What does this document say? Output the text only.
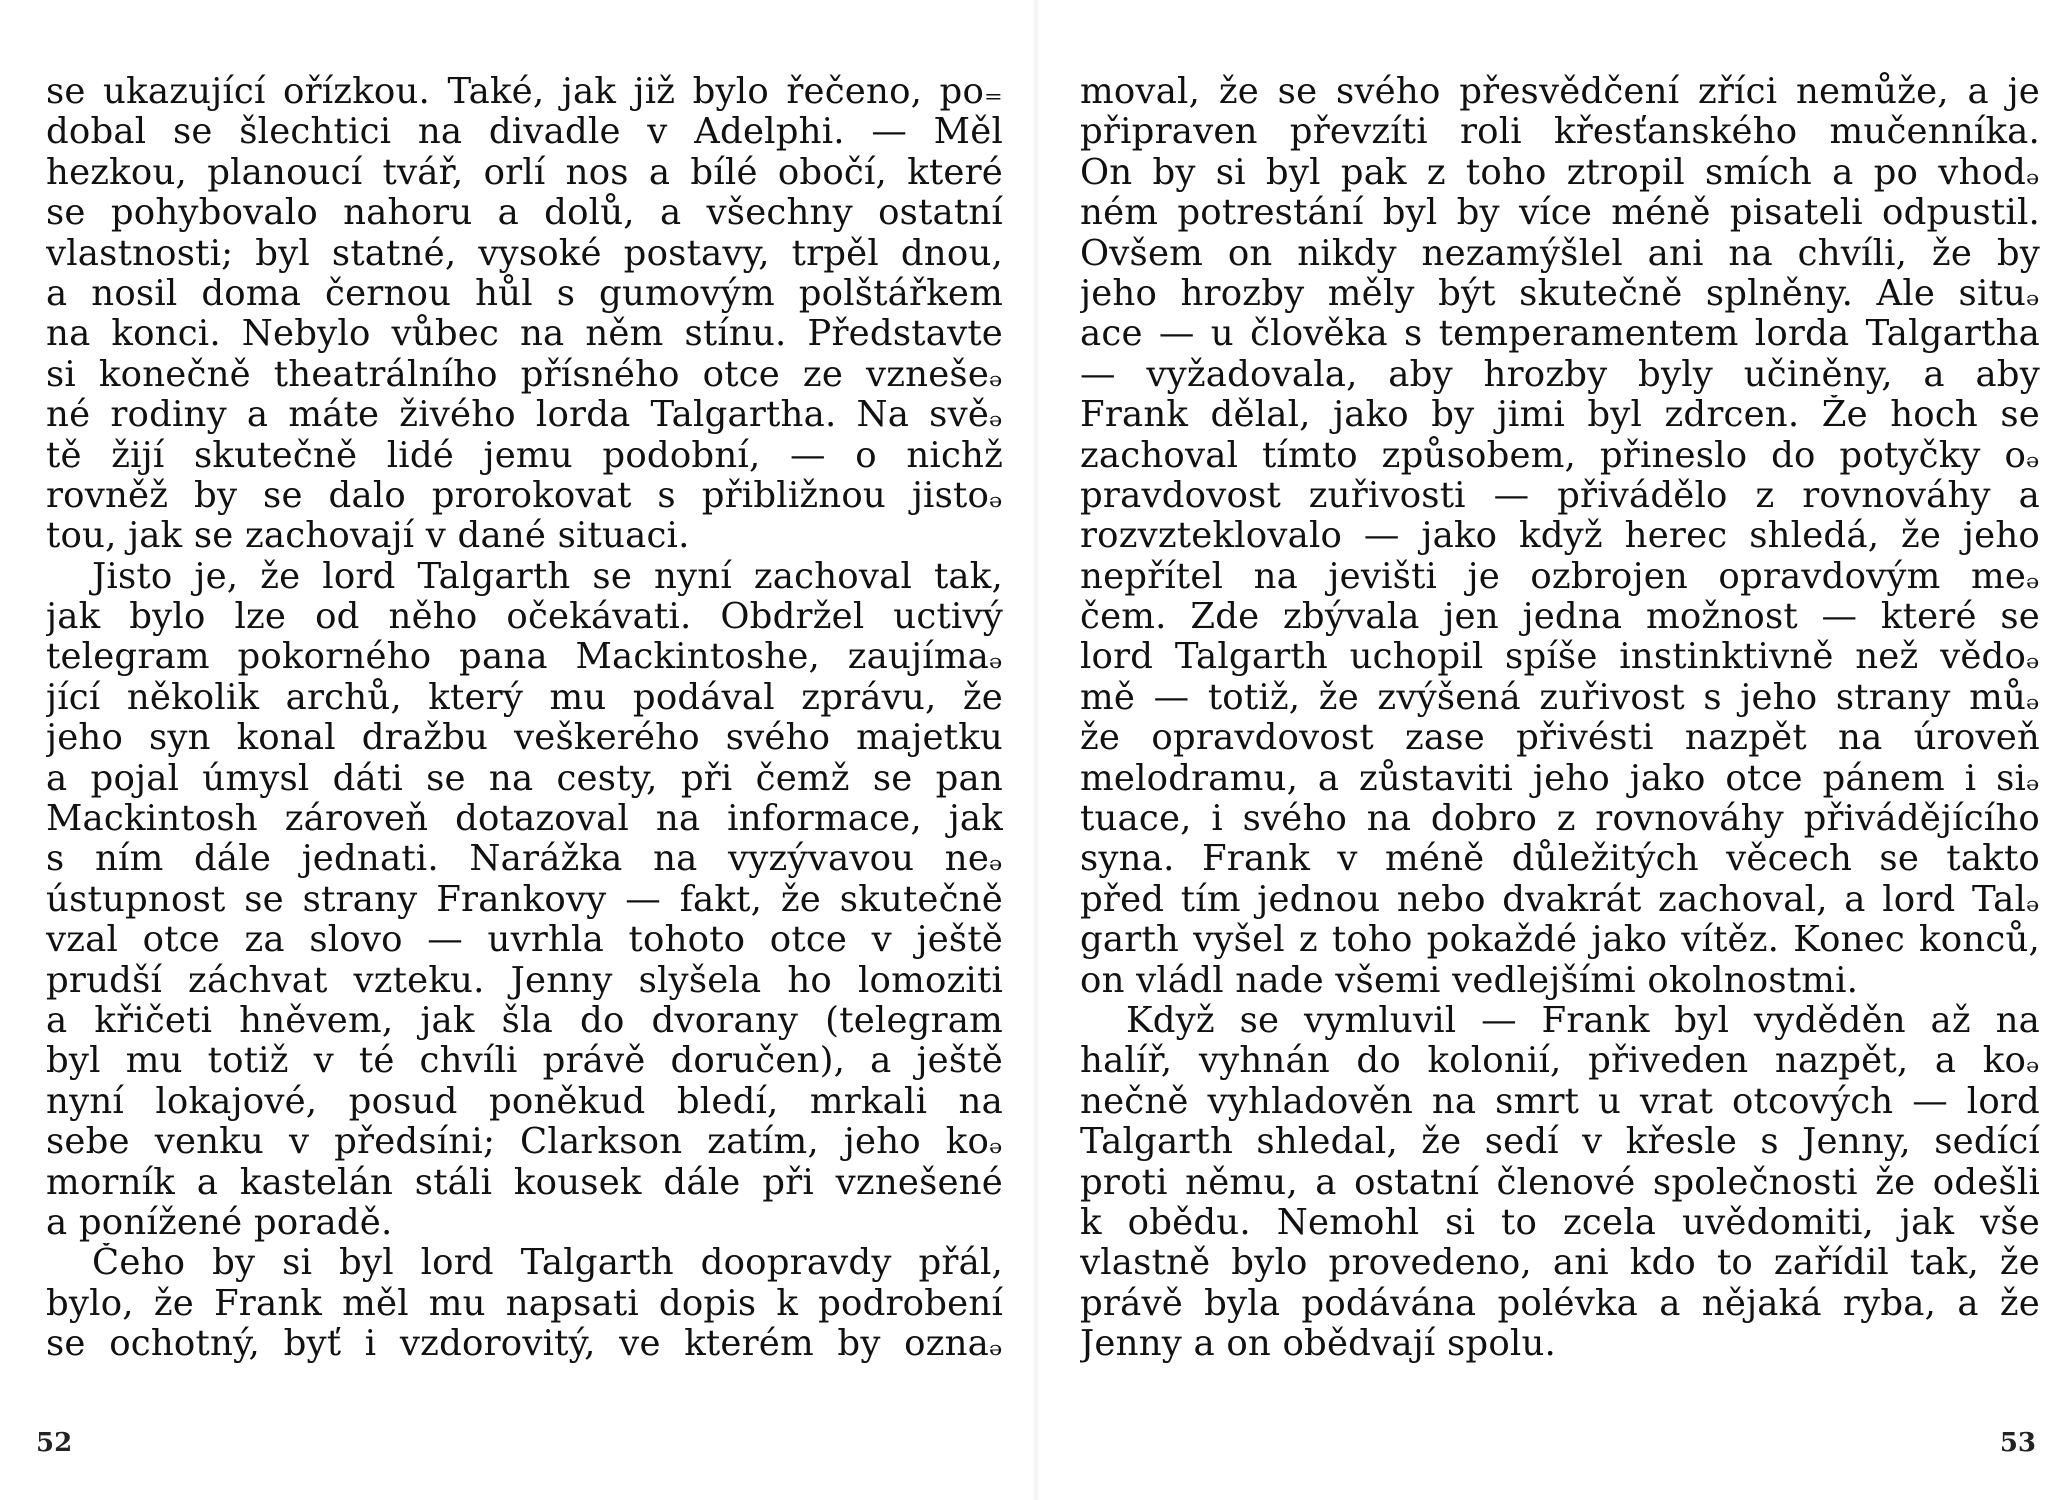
se ukazující ořízkou. Také, jak již bylo řečeno, po₌
dobal se šlechtici na divadle v Adelphi. — Měl
hezkou, planoucí tvář, orlí nos a bílé obočí, které
se pohybovalo nahoru a dolů, a všechny ostatní
vlastnosti; byl statné, vysoké postavy, trpěl dnou,
a nosil doma černou hůl s gumovým polštářkem
na konci. Nebylo vůbec na něm stínu. Představte
si konečně theatrálního přísného otce ze vznešeₔ
né rodiny a máte živého lorda Talgartha. Na svěₔ
tě žijí skutečně lidé jemu podobní, — o nichž
rovněž by se dalo prorokovat s přibližnou jistoₔ
tou, jak se zachovají v dané situaci.
Jisto je, že lord Talgarth se nyní zachoval tak,
jak bylo lze od něho očekávati. Obdržel uctivý
telegram pokorného pana Mackintoshe, zaujímaₔ
jící několik archů, který mu podával zprávu, že
jeho syn konal dražbu veškerého svého majetku
a pojal úmysl dáti se na cesty, při čemž se pan
Mackintosh zároveň dotazoval na informace, jak
s ním dále jednati. Narážka na vyzývavou neₔ
ústupnost se strany Frankovy — fakt, že skutečně
vzal otce za slovo — uvrhla tohoto otce v ještě
prudší záchvat vzteku. Jenny slyšela ho lomoziti
a křičeti hněvem, jak šla do dvorany (telegram
byl mu totiž v té chvíli právě doručen), a ještě
nyní lokajové, posud poněkud bledí, mrkali na
sebe venku v předsíni; Clarkson zatím, jeho koₔ
morník a kastelán stáli kousek dále při vznešené
a ponížené poradě.
Čeho by si byl lord Talgarth doopravdy přál,
bylo, že Frank měl mu napsati dopis k podrobení
se ochotný, byť i vzdorovitý, ve kterém by oznaₔ
52
moval, že se svého přesvědčení zříci nemůže, a je
připraven převzíti roli křesťanského mučenníka.
On by si byl pak z toho ztropil smích a po vhodₔ
ném potrestání byl by více méně pisateli odpustil.
Ovšem on nikdy nezamýšlel ani na chvíli, že by
jeho hrozby měly být skutečně splněny. Ale situₔ
ace — u člověka s temperamentem lorda Talgartha
— vyžadovala, aby hrozby byly učiněny, a aby
Frank dělal, jako by jimi byl zdrcen. Že hoch se
zachoval tímto způsobem, přineslo do potyčky oₔ
pravdovost zuřivosti — přivádělo z rovnováhy a
rozvzteklovalo — jako když herec shledá, že jeho
nepřítel na jevišti je ozbrojen opravdovým meₔ
čem. Zde zbývala jen jedna možnost — které se
lord Talgarth uchopil spíše instinktivně než vědoₔ
mě — totiž, že zvýšená zuřivost s jeho strany můₔ
že opravdovost zase přivésti nazpět na úroveň
melodramu, a zůstaviti jeho jako otce pánem i siₔ
tuace, i svého na dobro z rovnováhy přivádějícího
syna. Frank v méně důležitých věcech se takto
před tím jednou nebo dvakrát zachoval, a lord Talₔ
garth vyšel z toho pokaždé jako vítěz. Konec konců,
on vládl nade všemi vedlejšími okolnostmi.
Když se vymluvil — Frank byl vyděděn až na
halíř, vyhnán do kolonií, přiveden nazpět, a koₔ
nečně vyhladověn na smrt u vrat otcových — lord
Talgarth shledal, že sedí v křesle s Jenny, sedící
proti němu, a ostatní členové společnosti že odešli
k obědu. Nemohl si to zcela uvědomiti, jak vše
vlastně bylo provedeno, ani kdo to zařídil tak, že
právě byla podávána polévka a nějaká ryba, a že
Jenny a on obědvají spolu.
53
